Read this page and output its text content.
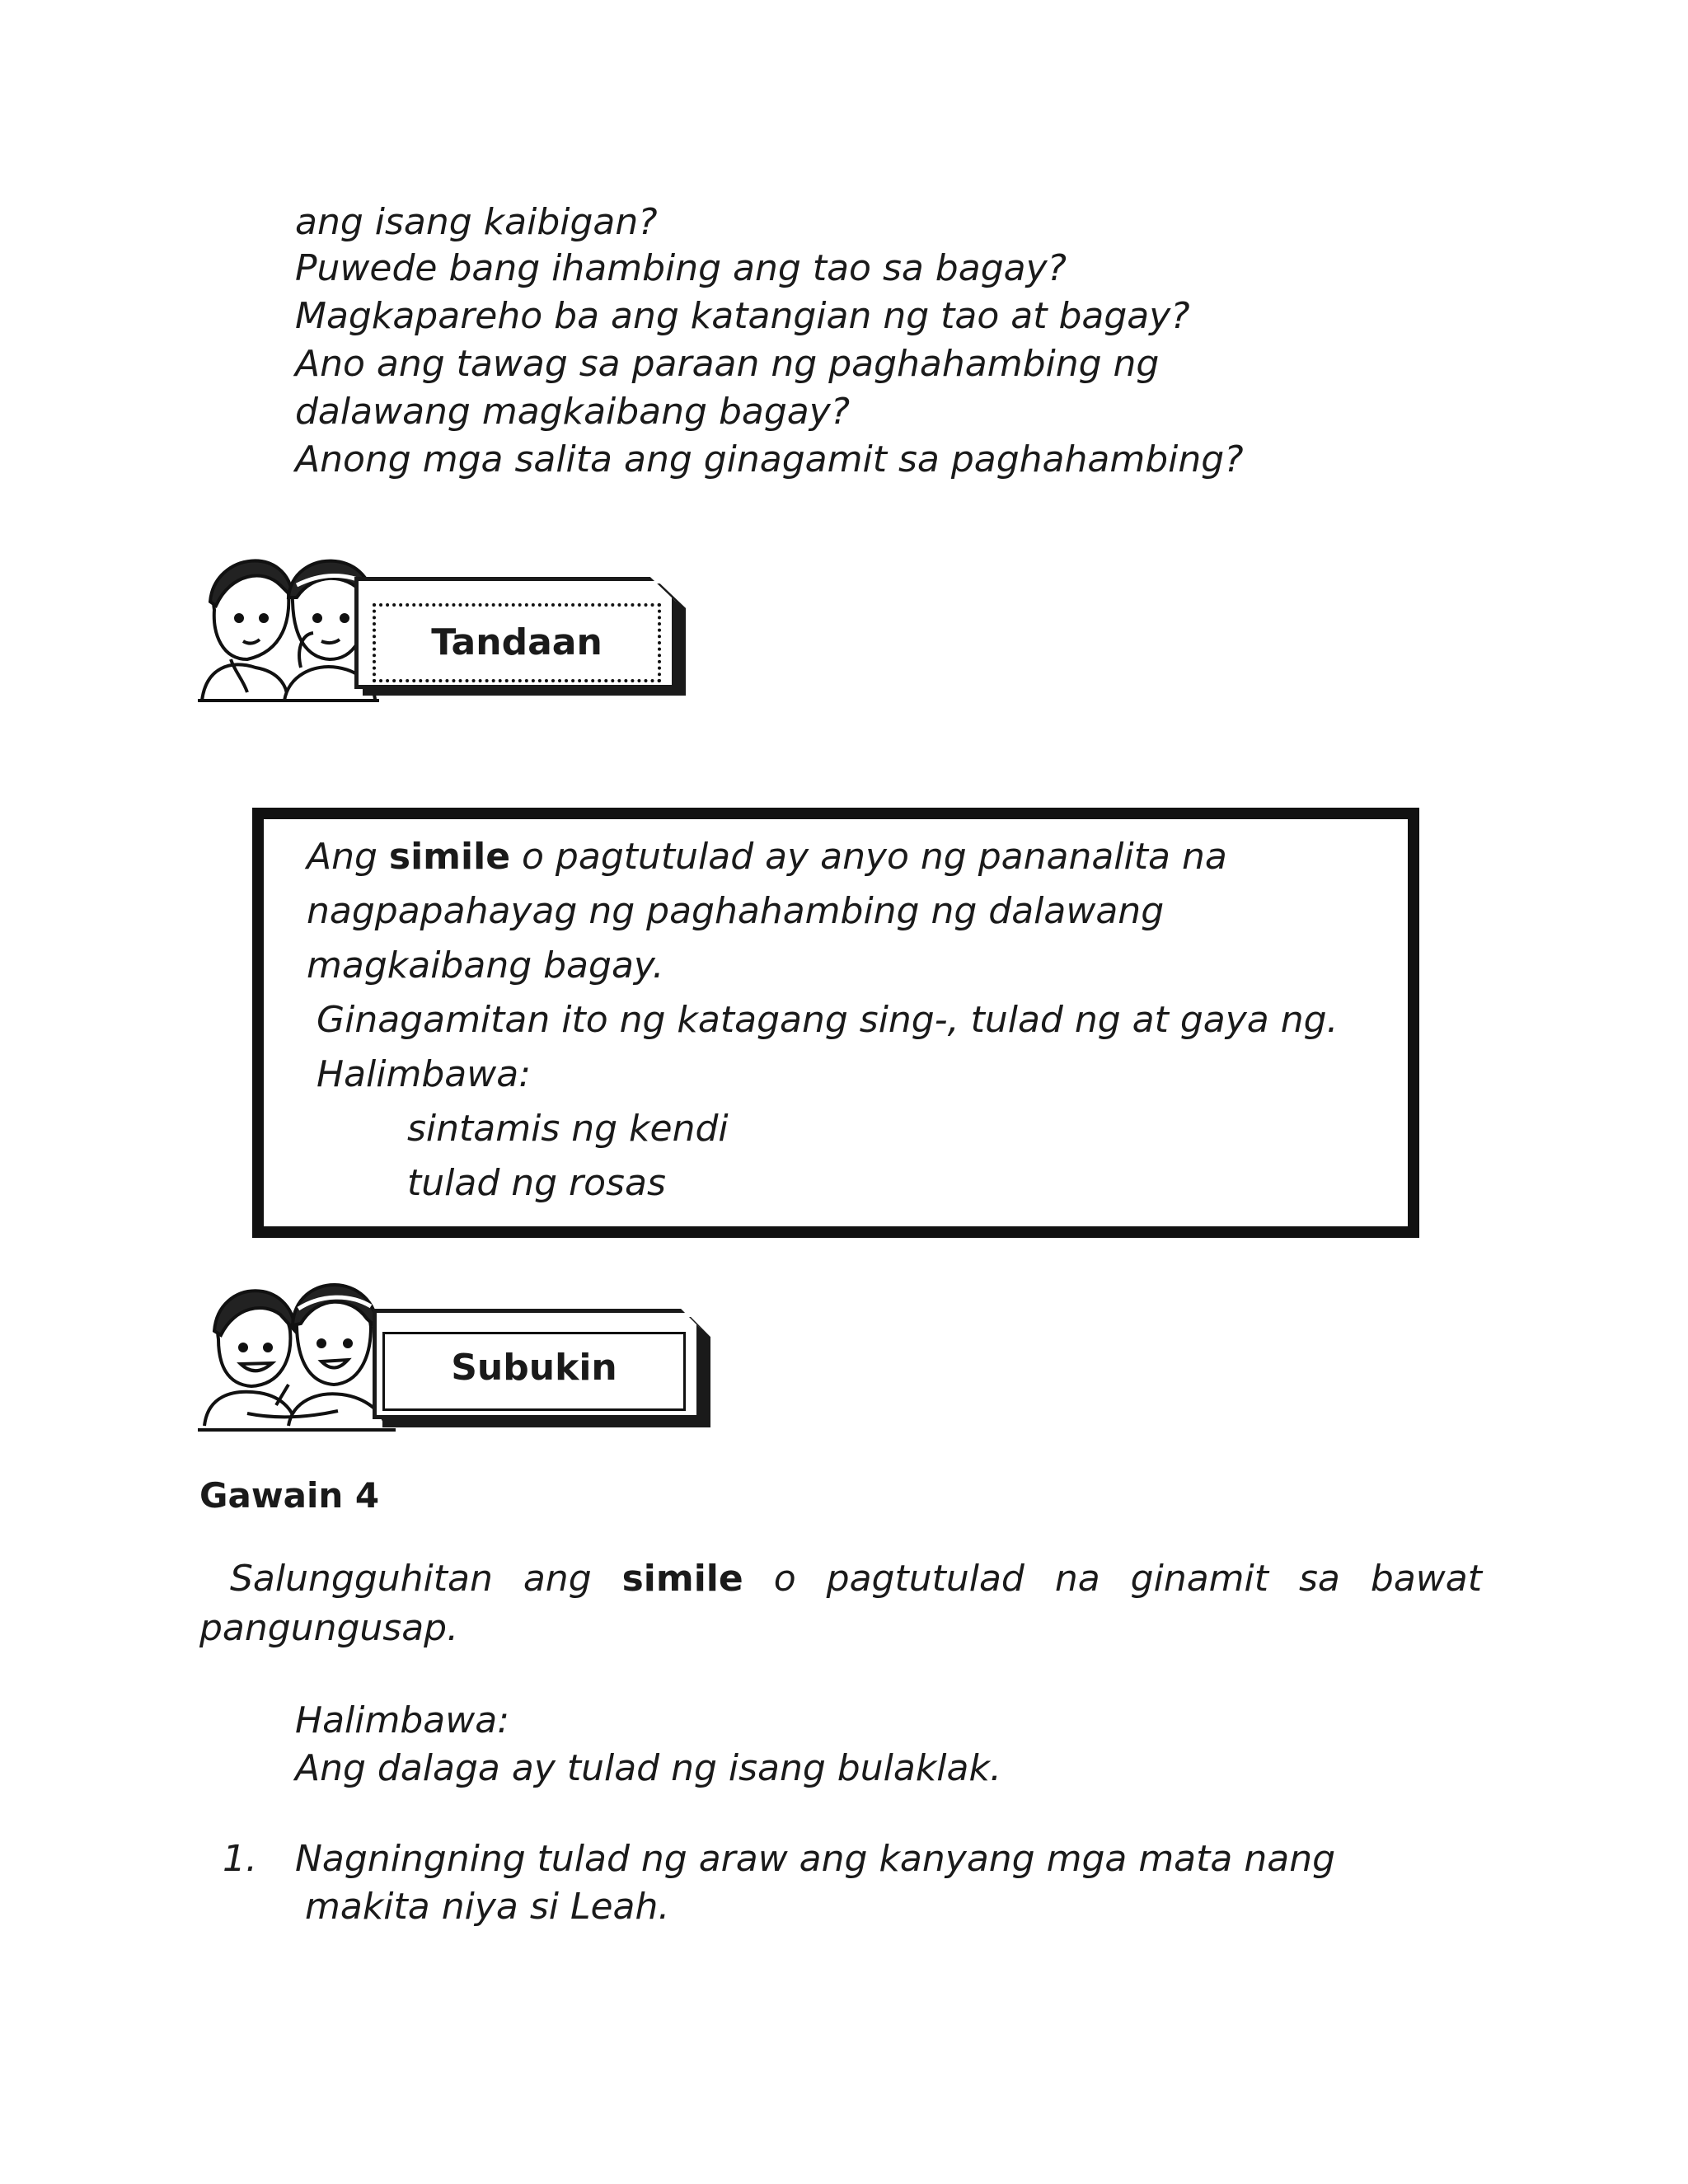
ang isang kaibigan?
Puwede bang ihambing ang tao sa bagay?
Magkapareho ba ang katangian ng tao at bagay?
Ano ang tawag sa paraan ng paghahambing ng
dalawang magkaibang bagay?
Anong mga salita ang ginagamit sa paghahambing?
Tandaan
Ang simile o pagtutulad ay anyo ng pananalita na
nagpapahayag ng paghahambing ng dalawang
magkaibang bagay.
Ginagamitan ito ng katagang sing-, tulad ng at gaya ng.
Halimbawa:
sintamis ng kendi
tulad ng rosas
Subukin
Gawain 4
Salungguhitan ang simile o pagtutulad na ginamit sa bawat pangungusap.
Halimbawa:
Ang dalaga ay tulad ng isang bulaklak.
1. Nagningning tulad ng araw ang kanyang mga mata nang
makita niya si Leah.
